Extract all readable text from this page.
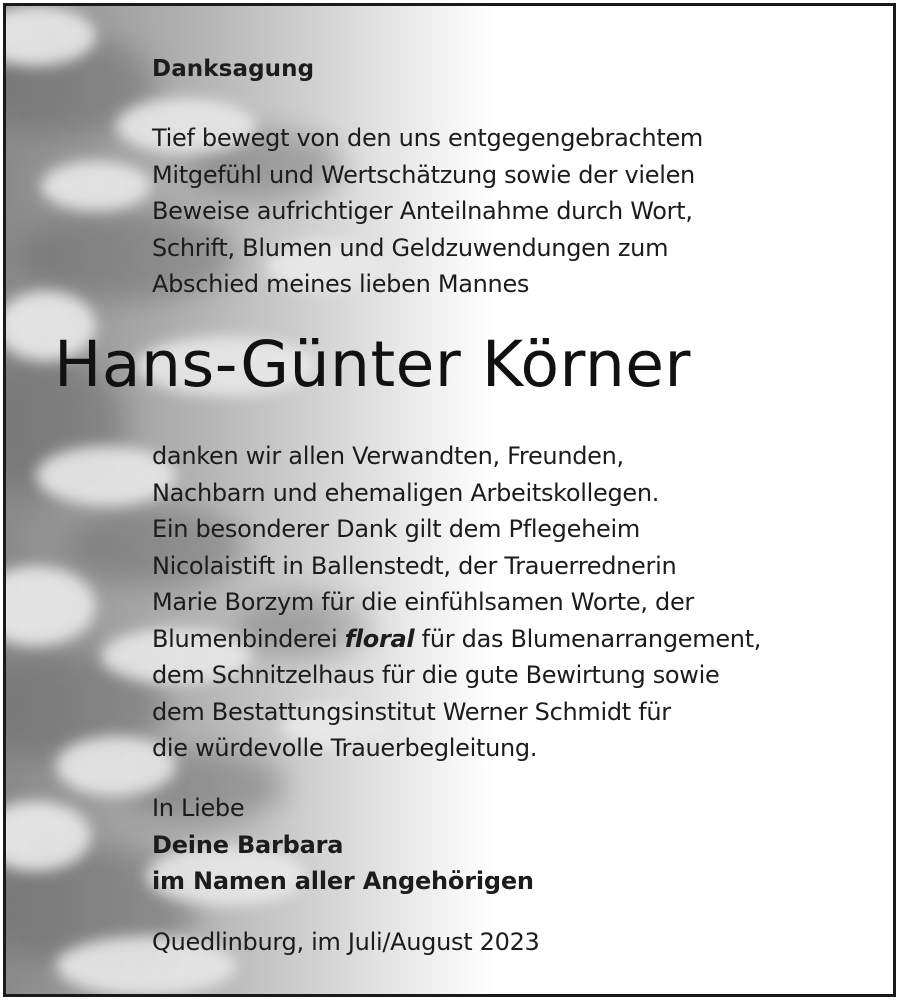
Danksagung
Tief bewegt von den uns entgegengebrachtem
Mitgefühl und Wertschätzung sowie der vielen
Beweise aufrichtiger Anteilnahme durch Wort,
Schrift, Blumen und Geldzuwendungen zum
Abschied meines lieben Mannes
Hans-Günter Körner
danken wir allen Verwandten, Freunden,
Nachbarn und ehemaligen Arbeitskollegen.
Ein besonderer Dank gilt dem Pflegeheim
Nicolaistift in Ballenstedt, der Trauerrednerin
Marie Borzym für die einfühlsamen Worte, der
Blumenbinderei floral für das Blumenarrangement,
dem Schnitzelhaus für die gute Bewirtung sowie
dem Bestattungsinstitut Werner Schmidt für
die würdevolle Trauerbegleitung.
In Liebe
Deine Barbara
im Namen aller Angehörigen
Quedlinburg, im Juli/August 2023
